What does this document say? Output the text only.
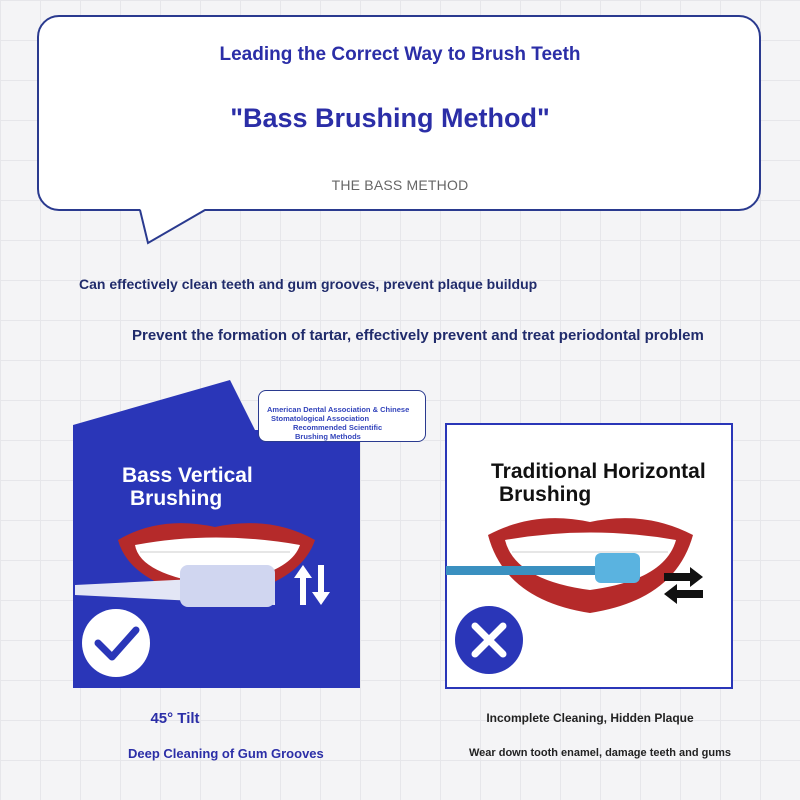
Leading the Correct Way to Brush Teeth
"Bass Brushing Method"
THE BASS METHOD
Can effectively clean teeth and gum grooves, prevent plaque buildup
Prevent the formation of tartar, effectively prevent and treat periodontal problem
American Dental Association & Chinese
Stomatological Association
Recommended Scientific
Brushing Methods
Bass Vertical
Brushing
Traditional Horizontal
Brushing
45° Tilt
Deep Cleaning of Gum Grooves
Incomplete Cleaning, Hidden Plaque
Wear down tooth enamel, damage teeth and gums
